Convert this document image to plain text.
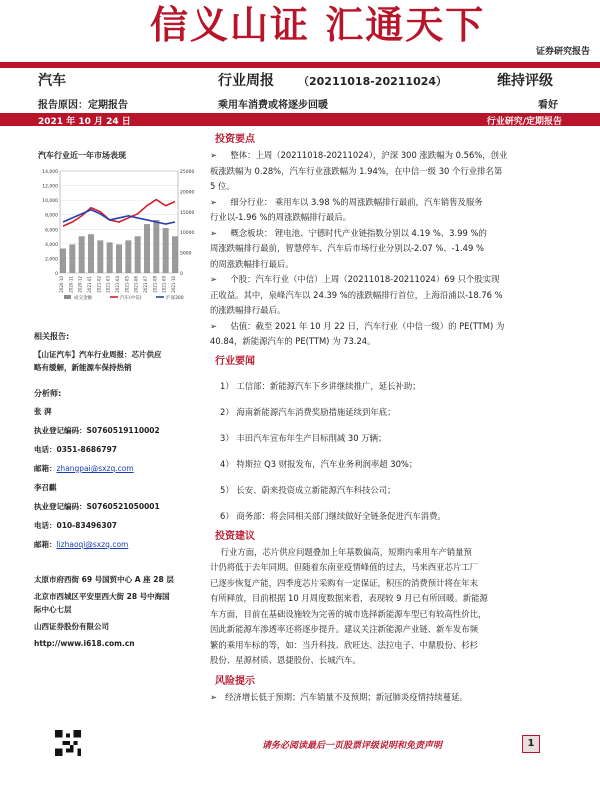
信义山证 汇通天下
证券研究报告
汽车	行业周报 （20211018-20211024）	维持评级
报告原因：定期报告	乘用车消费或将逐步回暖	看好
2021 年 10 月 24 日	行业研究/定期报告
汽车行业近一年市场表现
14,000
12,000
10,000
8,000
6,000
4,000
2,000
0
25000
20000
15000
10000
5000
0
2020-10 2020-11 2020-12 2021-01 2021-02 2021-03 2021-04 2021-05 2021-06 2021-07 2021-08 2021-09 2021-10
成交金额	汽车(中信)	沪深300
相关报告:
【山证汽车】汽车行业周报：芯片供应
略有缓解，新能源车保持热销
分析师:
张 湃
执业登记编码：S0760519110002
电话：0351-8686797
邮箱：zhangpai@sxzq.com
李召麒
执业登记编码：S0760521050001
电话：010-83496307
邮箱：lizhaoqi@sxzq.com
太原市府西街 69 号国贸中心 A 座 28 层
北京市西城区平安里西大街 28 号中海国
际中心七层
山西证券股份有限公司
http://www.i618.com.cn
投资要点
➢     整体：上周（20211018-20211024），沪深 300 涨跌幅为 0.56%，创业
板涨跌幅为 0.28%，汽车行业涨跌幅为 1.94%，在中信一级 30 个行业排名第
5 位。
➢     细分行业： 乘用车以 3.98 %的周涨跌幅排行最前，汽车销售及服务
行业以-1.96 %的周涨跌幅排行最后。
➢     概念板块： 锂电池、宁德时代产业链指数分别以 4.19 %、3.99 %的
周涨跌幅排行最前，智慧停车、汽车后市场行业分别以-2.07 %、-1.49 %
的周涨跌幅排行最后。
➢     个股：汽车行业（中信）上周（20211018-20211024）69 只个股实现
正收益。其中，泉峰汽车以 24.39 %的涨跌幅排行首位，上海沿浦以-18.76 %
的涨跌幅排行最后。
➢     估值：截至 2021 年 10 月 22 日，汽车行业（中信一级）的 PE(TTM) 为
40.84，新能源汽车的 PE(TTM) 为 73.24。
行业要闻
1） 工信部：新能源汽车下乡讲继续推广，延长补助；
2） 海南新能源汽车消费奖励措施延续到年底；
3） 丰田汽车宣布年生产目标削减 30 万辆；
4） 特斯拉 Q3 财报发布，汽车业务利润率超 30%；
5） 长安、蔚来投资成立新能源汽车科技公司；
6） 商务部：将会同相关部门继续做好全链条促进汽车消费。
投资建议
行业方面，芯片供应问题叠加上年基数偏高，短期内乘用车产销量预
计仍将低于去年同期。但随着东南亚疫情峰值的过去，马来西亚芯片工厂
已逐步恢复产能，四季度芯片采购有一定保证，积压的消费预计将在年末
有所释放，目前根据 10 月周度数据来看，表现较 9 月已有所回暖。新能源
车方面，目前在基础设施较为完善的城市选择新能源车型已有较高性价比，
因此新能源车渗透率还将逐步提升。建议关注新能源产业链、新车发布频
繁的乘用车标的等，如：当升科技、欣旺达、法拉电子、中鼎股份、杉杉
股份、星源材质、恩捷股份、长城汽车。
风险提示
➢   经济增长低于预期；汽车销量不及预期；新冠肺炎疫情持续蔓延。
请务必阅读最后一页股票评级说明和免责声明	1
